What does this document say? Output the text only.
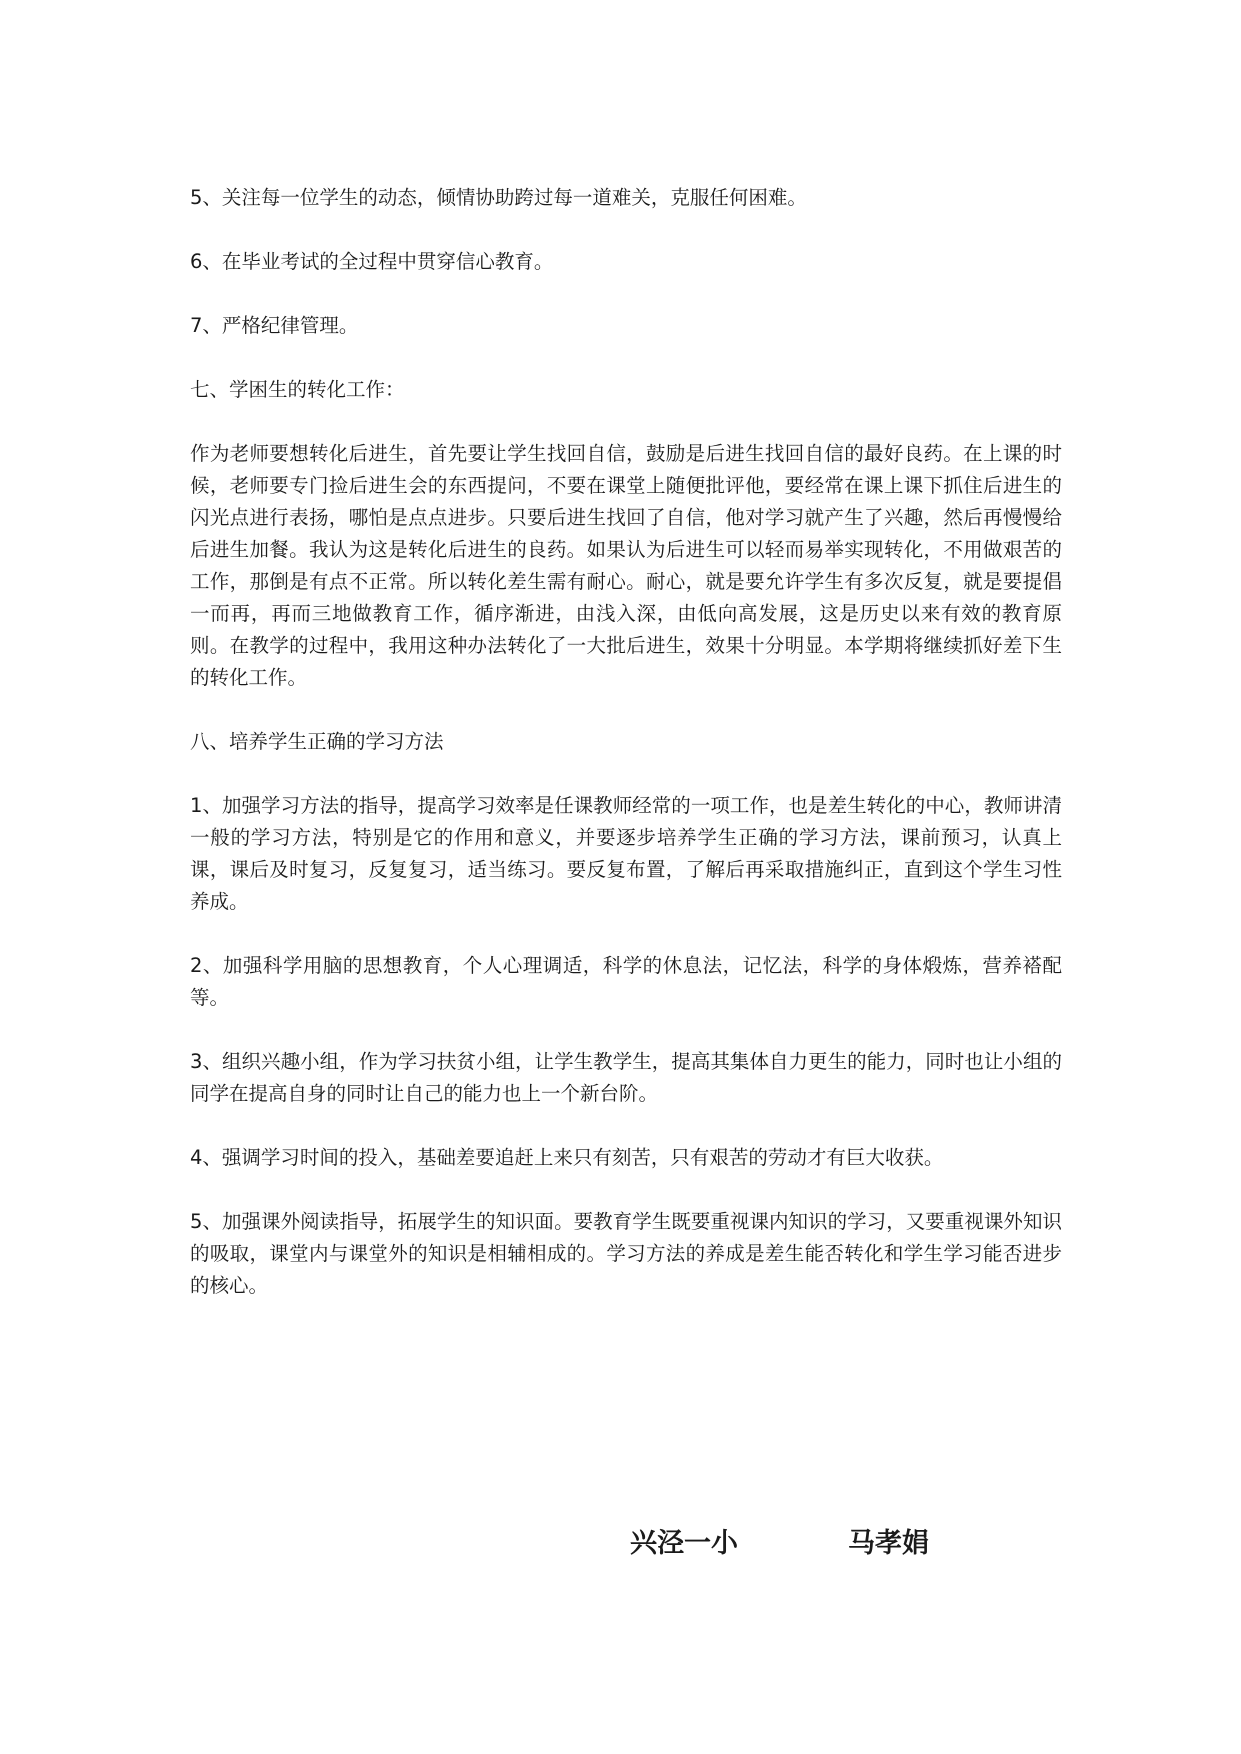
5、关注每一位学生的动态，倾情协助跨过每一道难关，克服任何困难。

6、在毕业考试的全过程中贯穿信心教育。

7、严格纪律管理。

七、学困生的转化工作：

作为老师要想转化后进生，首先要让学生找回自信，鼓励是后进生找回自信的最好良药。在上课的时候，老师要专门捡后进生会的东西提问，不要在课堂上随便批评他，要经常在课上课下抓住后进生的闪光点进行表扬，哪怕是点点进步。只要后进生找回了自信，他对学习就产生了兴趣，然后再慢慢给后进生加餐。我认为这是转化后进生的良药。如果认为后进生可以轻而易举实现转化，不用做艰苦的工作，那倒是有点不正常。所以转化差生需有耐心。耐心，就是要允许学生有多次反复，就是要提倡一而再，再而三地做教育工作，循序渐进，由浅入深，由低向高发展，这是历史以来有效的教育原则。在教学的过程中，我用这种办法转化了一大批后进生，效果十分明显。本学期将继续抓好差下生的转化工作。

八、培养学生正确的学习方法

1、加强学习方法的指导，提高学习效率是任课教师经常的一项工作，也是差生转化的中心，教师讲清一般的学习方法，特别是它的作用和意义，并要逐步培养学生正确的学习方法，课前预习，认真上课，课后及时复习，反复复习，适当练习。要反复布置，了解后再采取措施纠正，直到这个学生习性养成。

2、加强科学用脑的思想教育，个人心理调适，科学的休息法，记忆法，科学的身体煅炼，营养褡配等。

3、组织兴趣小组，作为学习扶贫小组，让学生教学生，提高其集体自力更生的能力，同时也让小组的同学在提高自身的同时让自己的能力也上一个新台阶。

4、强调学习时间的投入，基础差要追赶上来只有刻苦，只有艰苦的劳动才有巨大收获。

5、加强课外阅读指导，拓展学生的知识面。要教育学生既要重视课内知识的学习，又要重视课外知识的吸取，课堂内与课堂外的知识是相辅相成的。学习方法的养成是差生能否转化和学生学习能否进步的核心。

兴泾一小	马孝娟
